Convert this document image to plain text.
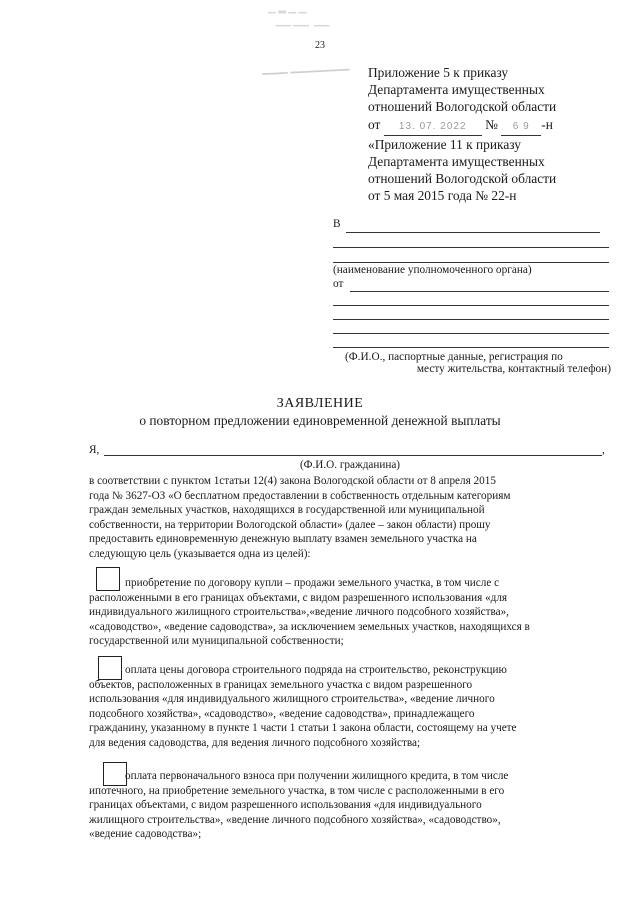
▁ ▂ ▁ ▁
▁▁ ▁▁  ▁▁
▁▁▁ ▁▁▁▁▁▁▁
23
Приложение 5 к приказу
Департамента имущественных
отношений Вологодской области
от 13. 07. 2022 № 6 9 -н
«Приложение 11 к приказу
Департамента имущественных
отношений Вологодской области
от 5 мая 2015 года № 22-н
В
(наименование уполномоченного органа)
от
(Ф.И.О., паспортные данные, регистрация по
месту жительства, контактный телефон)
ЗАЯВЛЕНИЕ
о повторном предложении единовременной денежной выплаты
Я,	,
(Ф.И.О. гражданина)
в соответствии с пунктом 1статьи 12(4) закона Вологодской области от 8 апреля 2015
года № 3627-ОЗ «О бесплатном предоставлении в собственность отдельным категориям
граждан земельных участков, находящихся в государственной или муниципальной
собственности, на территории Вологодской области» (далее – закон области) прошу
предоставить единовременную денежную выплату взамен земельного участка на
следующую цель (указывается одна из целей):
приобретение по договору купли – продажи земельного участка, в том числе с
расположенными в его границах объектами, с видом разрешенного использования «для
индивидуального жилищного строительства»,«ведение личного подсобного хозяйства»,
«садоводство», «ведение садоводства», за исключением земельных участков, находящихся в
государственной или муниципальной собственности;
оплата цены договора строительного подряда на строительство, реконструкцию
объектов, расположенных в границах земельного участка с видом разрешенного
использования «для индивидуального жилищного строительства», «ведение личного
подсобного хозяйства», «садоводство», «ведение садоводства», принадлежащего
гражданину, указанному в пункте 1 части 1 статьи 1 закона области, состоящему на учете
для ведения садоводства, для ведения личного подсобного хозяйства;
оплата первоначального взноса при получении жилищного кредита, в том числе
ипотечного, на приобретение земельного участка, в том числе с расположенными в его
границах объектами, с видом разрешенного использования «для индивидуального
жилищного строительства», «ведение личного подсобного хозяйства», «садоводство»,
«ведение садоводства»;
